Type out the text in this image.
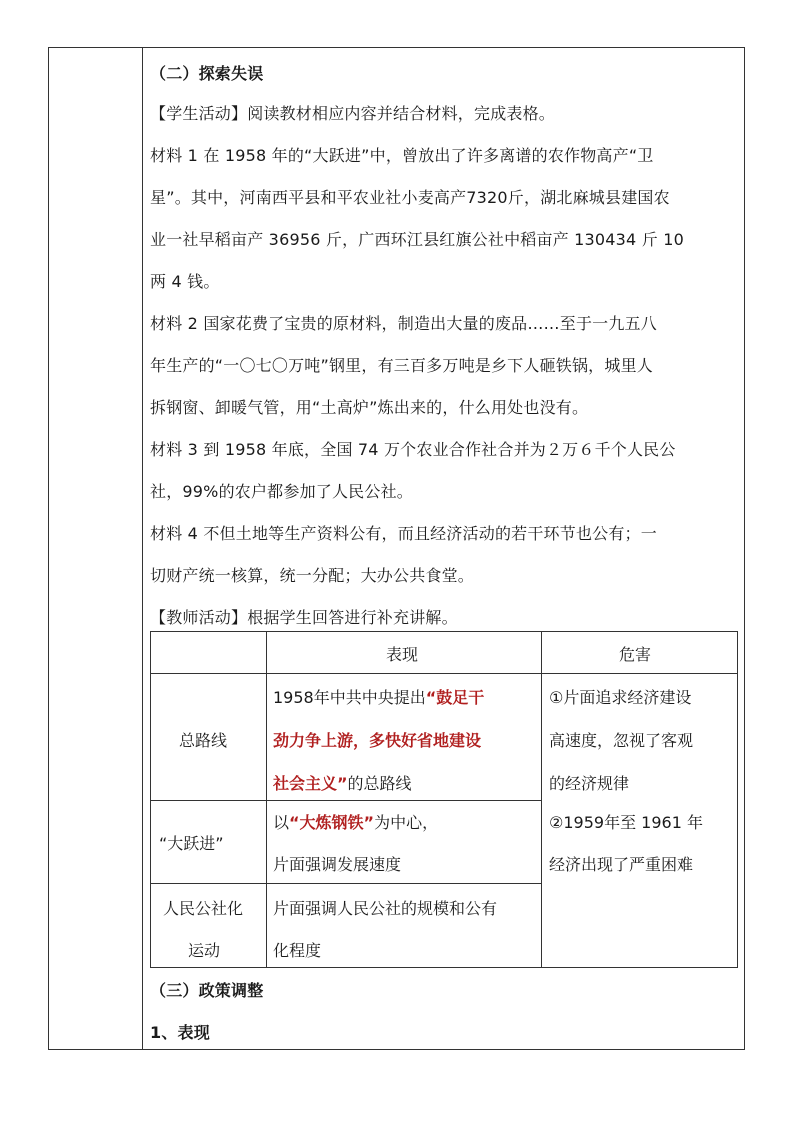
（二）探索失误
【学生活动】阅读教材相应内容并结合材料，完成表格。
材料 1 在 1958 年的“大跃进”中，曾放出了许多离谱的农作物高产“卫
星”。其中，河南西平县和平农业社小麦高产7320斤，湖北麻城县建国农
业一社早稻亩产 36956 斤，广西环江县红旗公社中稻亩产 130434 斤 10
两 4 钱。
材料 2 国家花费了宝贵的原材料，制造出大量的废品……至于一九五八
年生产的“一〇七〇万吨”钢里，有三百多万吨是乡下人砸铁锅，城里人
拆钢窗、卸暖气管，用“土高炉”炼出来的，什么用处也没有。
材料 3 到 1958 年底，全国 74 万个农业合作社合并为２万６千个人民公
社，99%的农户都参加了人民公社。
材料 4 不但土地等生产资料公有，而且经济活动的若干环节也公有；一
切财产统一核算，统一分配；大办公共食堂。
【教师活动】根据学生回答进行补充讲解。
（三）政策调整
1、表现
表现	危害
总路线
1958年中共中央提出“鼓足干
劲力争上游，多快好省地建设
社会主义”的总路线
“大跃进”
以“大炼钢铁”为中心，
片面强调发展速度
人民公社化
运动
片面强调人民公社的规模和公有
化程度
①片面追求经济建设
高速度，忽视了客观
的经济规律
②1959年至 1961 年
经济出现了严重困难
